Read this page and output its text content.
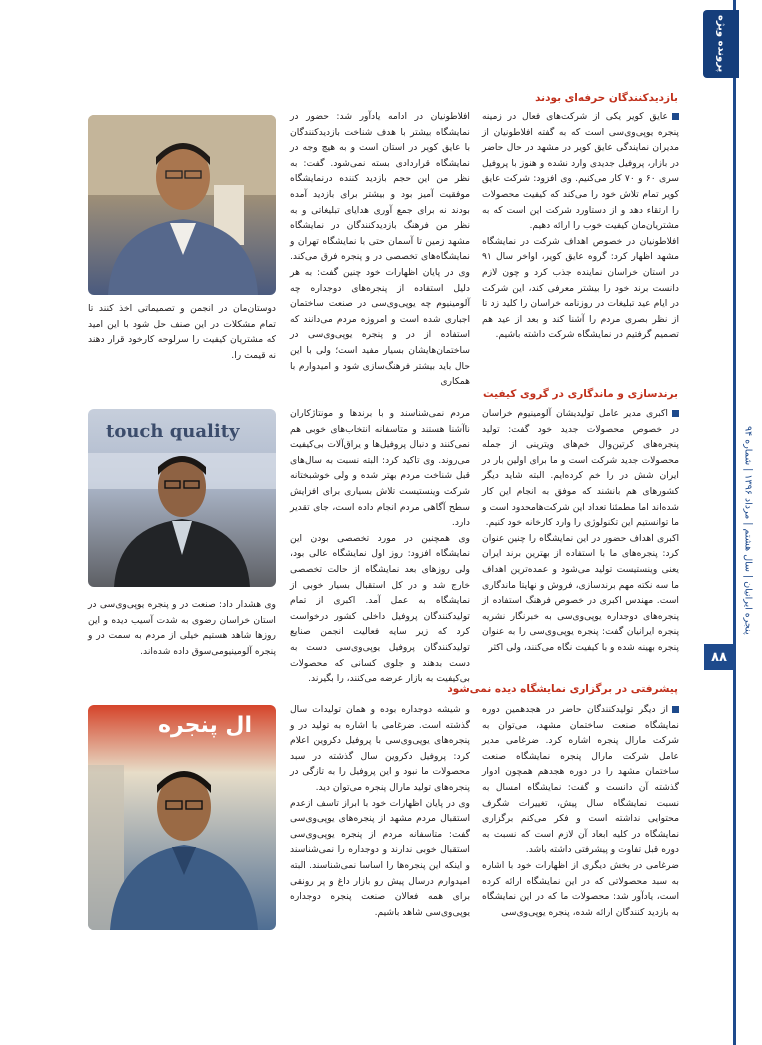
پرونده ویژه
پنجره ایرانیان | سال هشتم | مرداد ۱۳۹۶ | شماره ۹۴
۸۸
بازدیدکنندگان حرفه‌ای بودند

عایق کویر یکی از شرکت‌های فعال در زمینه پنجره یوپی‌وی‌سی است که به گفته افلاطونیان از مدیران نمایندگی عایق کویر در مشهد در حال حاضر در بازار، پروفیل جدیدی وارد نشده و هنوز با پروفیل سری ۶۰ و ۷۰ کار می‌کنیم. وی افزود: شرکت عایق کویر تمام تلاش خود را می‌کند که کیفیت محصولات را ارتقاء دهد و از دستاورد شرکت این است که به مشتریان‌مان کیفیت خوب را ارائه دهیم.

افلاطونیان در خصوص اهداف شرکت در نمایشگاه مشهد اظهار کرد: گروه عایق کویر، اواخر سال ۹۱ در استان خراسان نماینده جذب کرد و چون لازم دانست برند خود را بیشتر معرفی کند، این شرکت در ایام عید تبلیغات در روزنامه خراسان را کلید زد تا از نظر بصری مردم را آشنا کند و بعد از عید هم تصمیم گرفتیم در نمایشگاه شرکت داشته باشیم.

افلاطونیان در ادامه یادآور شد: حضور در نمایشگاه بیشتر با هدف شناخت بازدیدکنندگان با عایق کویر در استان است و به هیچ وجه در نمایشگاه قراردادی بسته نمی‌شود. گفت: به نظر من این حجم بازدید کننده درنمایشگاه موفقیت آمیز بود و بیشتر برای بازدید آمده بودند نه برای جمع آوری هدایای تبلیغاتی و به نظر من فرهنگ بازدیدکنندگان در نمایشگاه مشهد زمین تا آسمان حتی با نمایشگاه تهران و نمایشگاه‌های تخصصی در و پنجره فرق می‌کند. وی در پایان اظهارات خود چنین گفت: به هر دلیل استفاده از پنجره‌های دوجداره چه آلومینیوم چه یوپی‌وی‌سی در صنعت ساختمان اجباری شده است و امروزه مردم می‌دانند که استفاده از در و پنجره یوپی‌وی‌سی در ساختمان‌هایشان بسیار مفید است؛ ولی با این حال باید بیشتر فرهنگ‌سازی شود و امیدوارم با همکاری
دوستان‌مان در انجمن و تصمیماتی اخذ کنند تا تمام مشکلات در این صنف حل شود با این امید که مشتریان کیفیت را سرلوحه کارخود قرار دهند نه قیمت را.
برندسازی و ماندگاری در گروی کیفیت

اکبری مدیر عامل تولیدیشان آلومینیوم خراسان در خصوص محصولات جدید خود گفت: تولید پنجره‌های کرتین‌وال خم‌های ویترینی از جمله محصولات جدید شرکت است و ما برای اولین بار در ایران شش در را خم کرده‌ایم. البته شاید دیگر کشورهای هم بانشند که موفق به انجام این کار شده‌اند اما مطمئنا تعداد این شرکت‌هامحدود است و ما توانستیم این تکنولوژی را وارد کارخانه خود کنیم.

اکبری اهداف حضور در این نمایشگاه را چنین عنوان کرد: پنجره‌های ما با استفاده از بهترین برند ایران یعنی وینستیست تولید می‌شود و عمده‌ترین اهداف ما سه نکته مهم برندسازی، فروش و نهایتا ماندگاری است. مهندس اکبری در خصوص فرهنگ استفاده از پنجره‌های دوجداره یوپی‌وی‌سی به خبرنگار نشریه پنجره ایرانیان گفت: پنجره یوپی‌وی‌سی را به عنوان پنجره بهینه شده و با کیفیت نگاه می‌کنند، ولی اکثر

مردم نمی‌شناسند و با برندها و مونتاژکاران ناآشنا هستند و متاسفانه انتخاب‌های خوبی هم نمی‌کنند و دنبال پروفیل‌ها و یراق‌آلات بی‌کیفیت می‌روند. وی تاکید کرد: البته نسبت به سال‌های قبل شناخت مردم بهتر شده و ولی خوشبختانه شرکت وینستیست تلاش بسیاری برای افزایش سطح آگاهی مردم انجام داده است، جای تقدیر دارد.

وی همچنین در مورد تخصصی بودن این نمایشگاه افزود: روز اول نمایشگاه عالی بود، ولی روزهای بعد نمایشگاه از حالت تخصصی خارج شد و در کل استقبال بسیار خوبی از نمایشگاه به عمل آمد. اکبری از تمام تولیدکنندگان پروفیل داخلی کشور درخواست کرد که زیر سایه فعالیت انجمن صنایع تولیدکنندگان پروفیل یوپی‌وی‌سی دست به دست بدهند و جلوی کسانی که محصولات بی‌کیفیت به بازار عرضه می‌کنند، را بگیرند.

touch quality
وی هشدار داد: صنعت در و پنجره یوپی‌وی‌سی در استان خراسان رضوی به شدت آسیب دیده و این روزها شاهد هستیم خیلی از مردم به سمت در و پنجره آلومینیومی‌سوق داده شده‌اند.
پیشرفتی در برگزاری نمایشگاه دیده نمی‌شود

از دیگر تولیدکنندگان حاضر در هجدهمین دوره نمایشگاه صنعت ساختمان مشهد، می‌توان به شرکت مارال پنجره اشاره کرد. ضرغامی مدیر عامل شرکت مارال پنجره نمایشگاه صنعت ساختمان مشهد را در دوره هجدهم همچون ادوار گذشته آن دانست و گفت: نمایشگاه امسال به نسبت نمایشگاه سال پیش، تغییرات شگرف محتوایی نداشته است و فکر می‌کنم برگزاری نمایشگاه در کلیه ابعاد آن لازم است که نسبت به دوره قبل تفاوت و پیشرفتی داشته باشد.

ضرغامی در بخش دیگری از اظهارات خود با اشاره به سبد محصولاتی که در این نمایشگاه ارائه کرده است، یادآور شد: محصولات ما که در این نمایشگاه به بازدید کنندگان ارائه شده، پنجره یوپی‌وی‌سی

و شیشه دوجداره بوده و همان تولیدات سال گذشته است. ضرغامی با اشاره به تولید در و پنجره‌های یوپی‌وی‌سی با پروفیل دکروین اعلام کرد: پروفیل دکروین سال گذشته در سبد محصولات ما نبود و این پروفیل را به تازگی در پنجره‌های تولید مارال پنجره می‌توان دید.

وی در پایان اظهارات خود با ابراز تاسف ازعدم استقبال مردم مشهد از پنجره‌های یوپی‌وی‌سی گفت: متاسفانه مردم از پنجره یوپی‌وی‌سی استقبال خوبی ندارند و دوجداره را نمی‌شناسند و اینکه این پنجره‌ها را اساسا نمی‌شناسند. البته امیدوارم درسال پیش رو بازار داغ و پر رونقی برای همه فعالان صنعت پنجره دوجداره یوپی‌وی‌سی شاهد باشیم.

ال پنجره
